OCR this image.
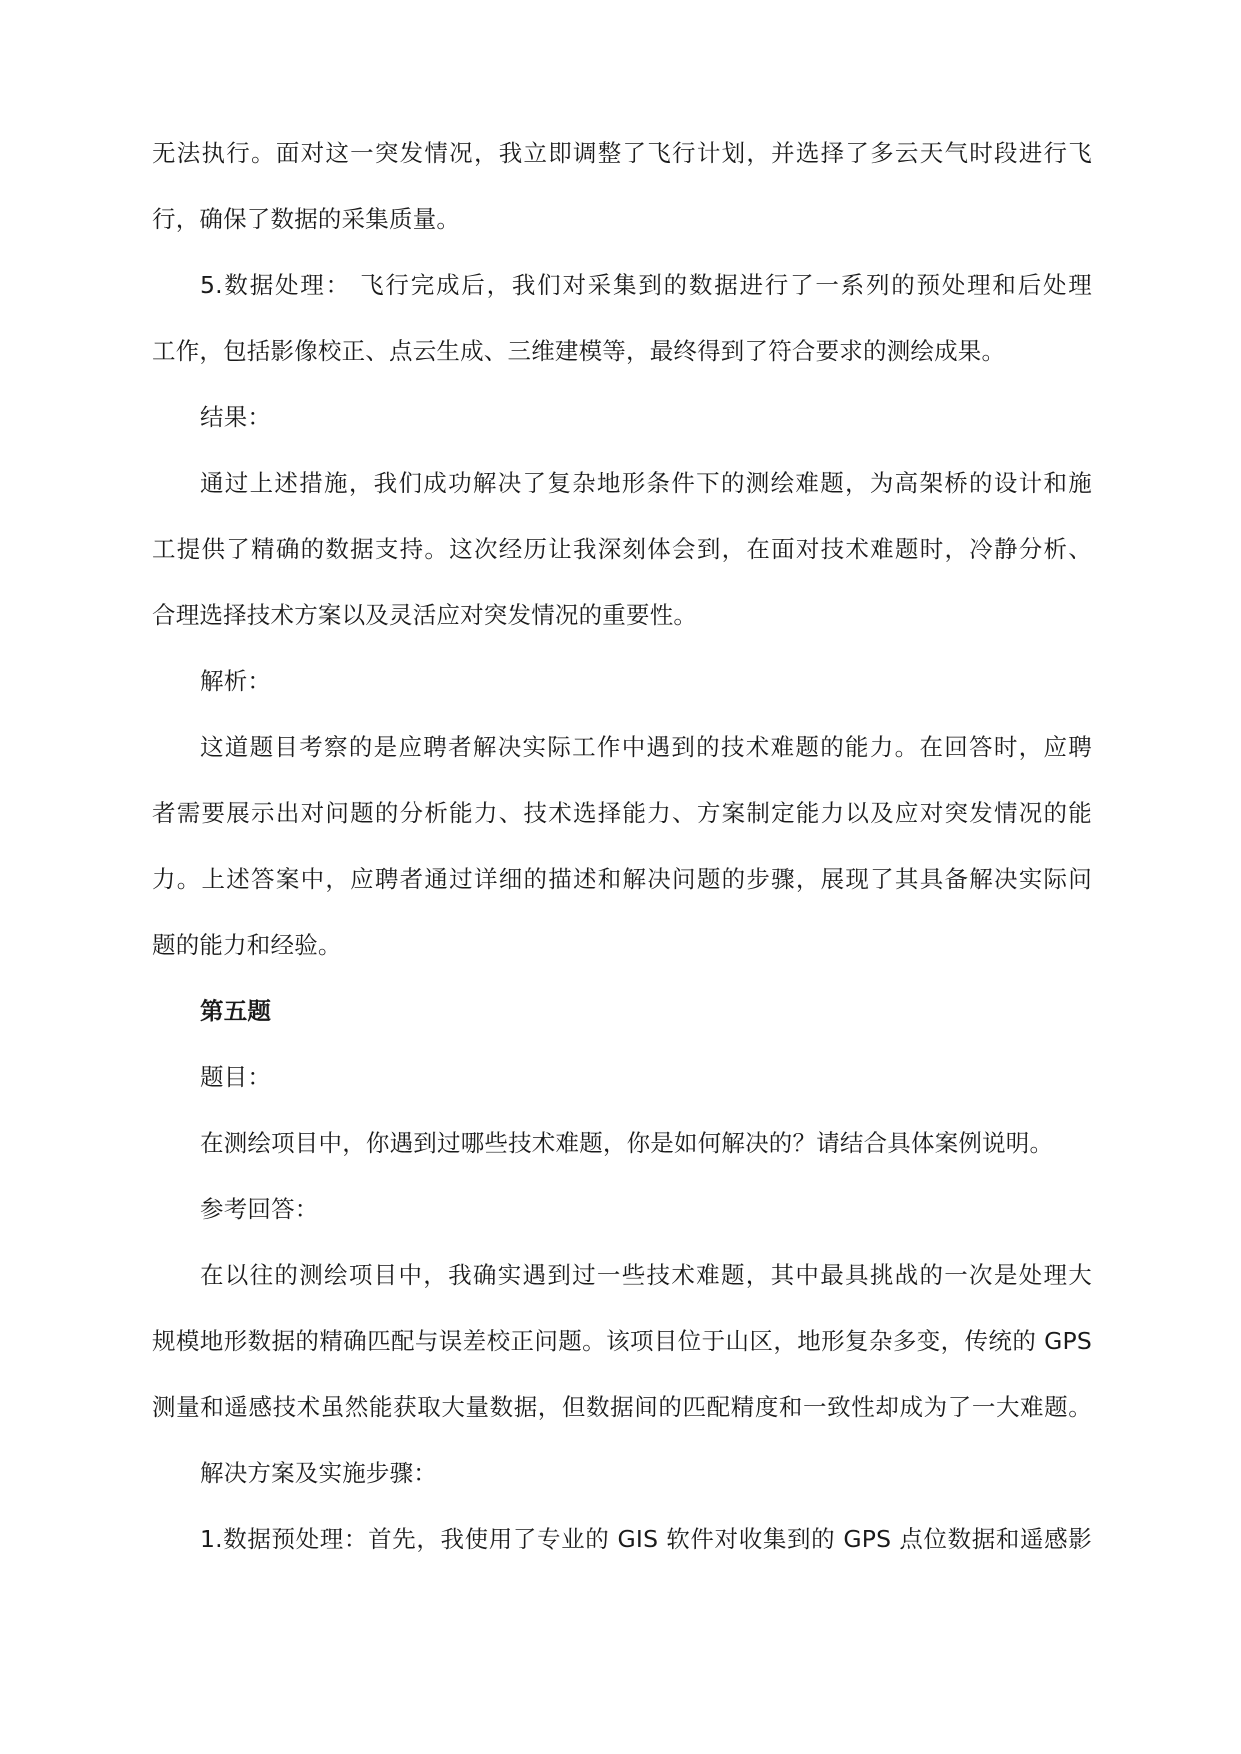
无法执行。面对这一突发情况，我立即调整了飞行计划，并选择了多云天气时段进行飞
行，确保了数据的采集质量。
5.数据处理： 飞行完成后，我们对采集到的数据进行了一系列的预处理和后处理
工作，包括影像校正、点云生成、三维建模等，最终得到了符合要求的测绘成果。
结果：
通过上述措施，我们成功解决了复杂地形条件下的测绘难题，为高架桥的设计和施
工提供了精确的数据支持。这次经历让我深刻体会到，在面对技术难题时，冷静分析、
合理选择技术方案以及灵活应对突发情况的重要性。
解析：
这道题目考察的是应聘者解决实际工作中遇到的技术难题的能力。在回答时，应聘
者需要展示出对问题的分析能力、技术选择能力、方案制定能力以及应对突发情况的能
力。上述答案中，应聘者通过详细的描述和解决问题的步骤，展现了其具备解决实际问
题的能力和经验。
第五题
题目：
在测绘项目中，你遇到过哪些技术难题，你是如何解决的？请结合具体案例说明。
参考回答：
在以往的测绘项目中，我确实遇到过一些技术难题，其中最具挑战的一次是处理大
规模地形数据的精确匹配与误差校正问题。该项目位于山区，地形复杂多变，传统的 GPS
测量和遥感技术虽然能获取大量数据，但数据间的匹配精度和一致性却成为了一大难题。
解决方案及实施步骤：
1.数据预处理：首先，我使用了专业的 GIS 软件对收集到的 GPS 点位数据和遥感影
